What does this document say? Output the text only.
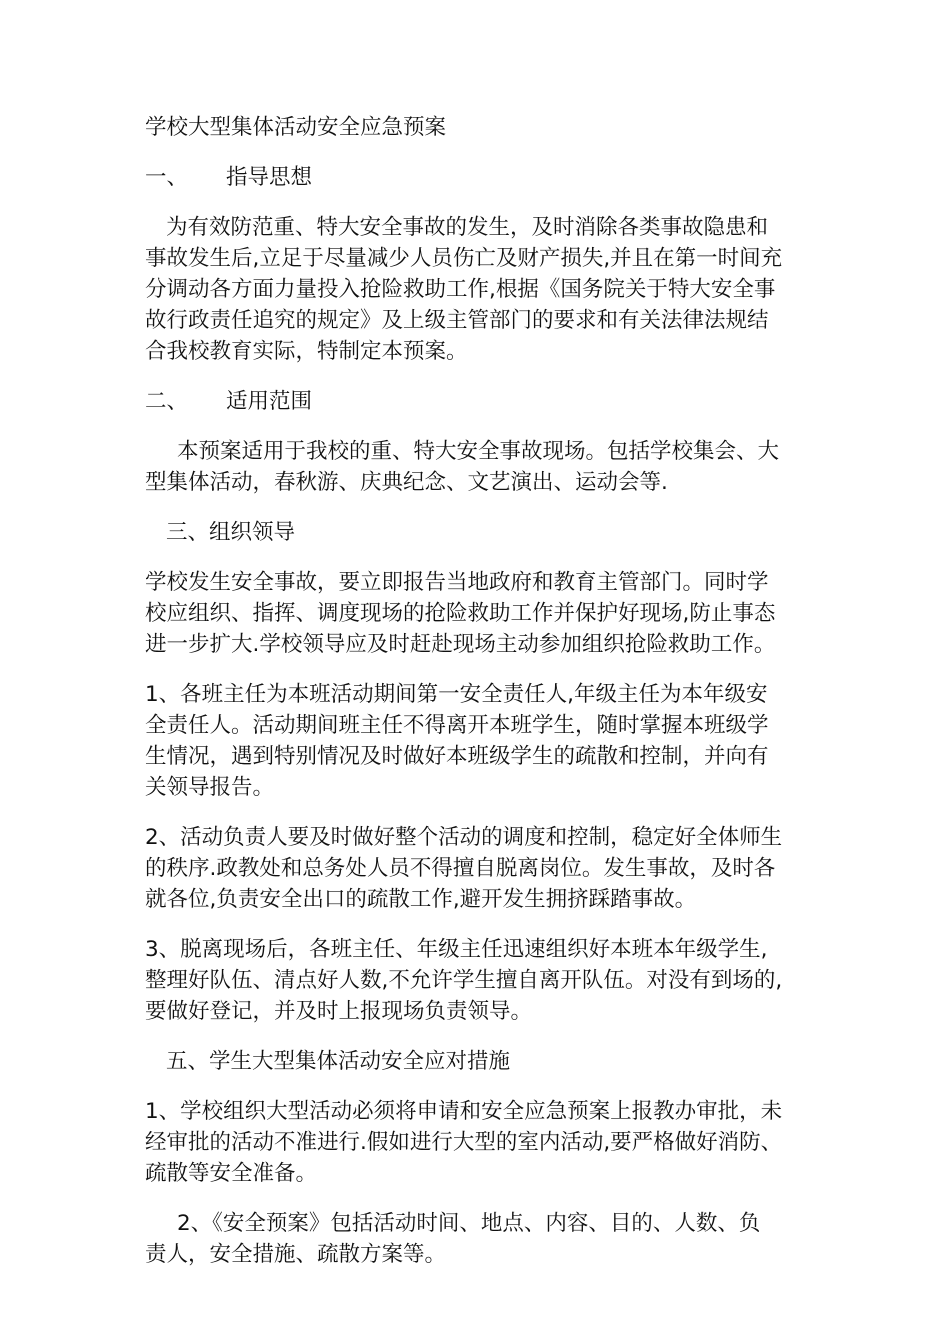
学校大型集体活动安全应急预案
一、 指导思想
为有效防范重、特大安全事故的发生，及时消除各类事故隐患和
事故发生后,立足于尽量减少人员伤亡及财产损失,并且在第一时间充
分调动各方面力量投入抢险救助工作,根据《国务院关于特大安全事
故行政责任追究的规定》及上级主管部门的要求和有关法律法规结
合我校教育实际，特制定本预案。
二、 适用范围
本预案适用于我校的重、特大安全事故现场。包括学校集会、大
型集体活动，春秋游、庆典纪念、文艺演出、运动会等.
三、组织领导
学校发生安全事故，要立即报告当地政府和教育主管部门。同时学
校应组织、指挥、调度现场的抢险救助工作并保护好现场,防止事态
进一步扩大.学校领导应及时赶赴现场主动参加组织抢险救助工作。
1、各班主任为本班活动期间第一安全责任人,年级主任为本年级安
全责任人。活动期间班主任不得离开本班学生，随时掌握本班级学
生情况，遇到特别情况及时做好本班级学生的疏散和控制，并向有
关领导报告。
2、活动负责人要及时做好整个活动的调度和控制，稳定好全体师生
的秩序.政教处和总务处人员不得擅自脱离岗位。发生事故，及时各
就各位,负责安全出口的疏散工作,避开发生拥挤踩踏事故。
3、脱离现场后，各班主任、年级主任迅速组织好本班本年级学生,
整理好队伍、清点好人数,不允许学生擅自离开队伍。对没有到场的,
要做好登记，并及时上报现场负责领导。
五、学生大型集体活动安全应对措施
1、学校组织大型活动必须将申请和安全应急预案上报教办审批，未
经审批的活动不准进行.假如进行大型的室内活动,要严格做好消防、
疏散等安全准备。
2、《安全预案》包括活动时间、地点、内容、目的、人数、负
责人，安全措施、疏散方案等。
